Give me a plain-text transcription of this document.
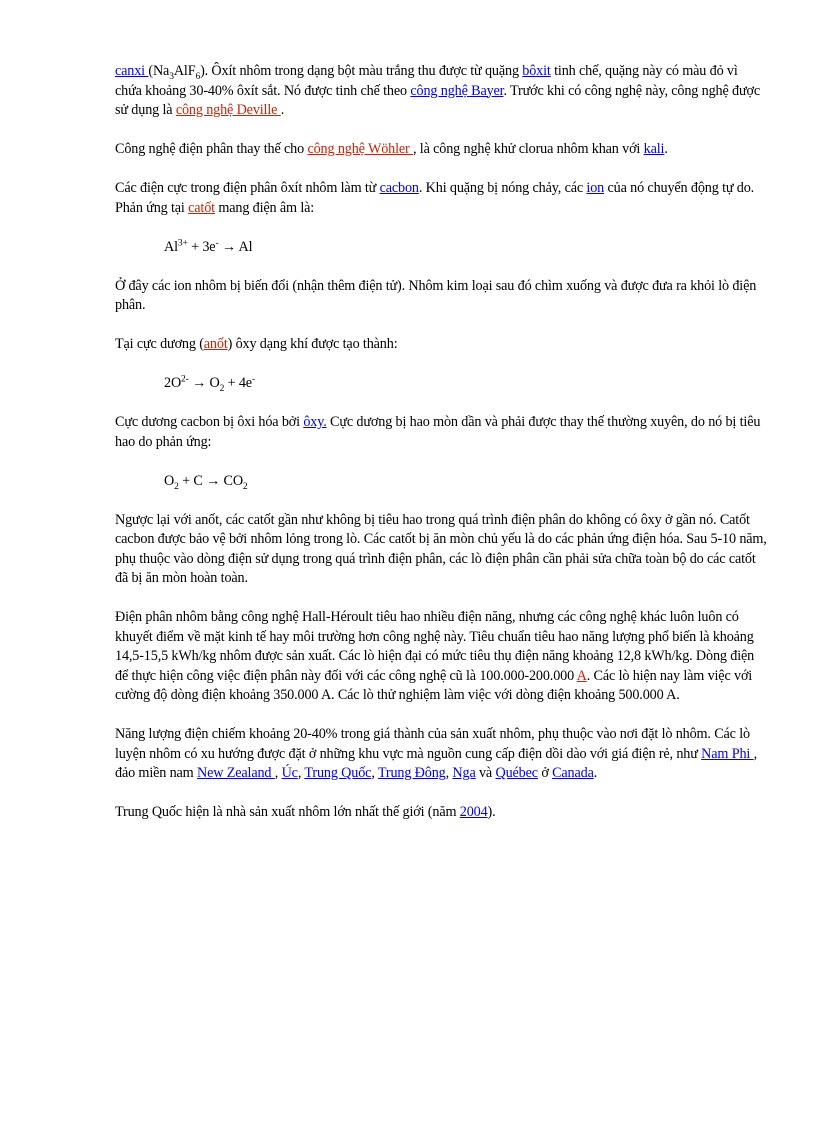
canxi $(Na_3AlF_6)$. Ôxít nhôm trong dạng bột màu trắng thu được từ quặng bôxit tinh chế, quặng này có màu đỏ vì chứa khoảng 30-40% ôxít sắt. Nó được tinh chế theo công nghệ Bayer. Trước khi có công nghệ này, công nghệ được sử dụng là công nghệ Deville .

Công nghệ điện phân thay thế cho công nghệ Wöhler , là công nghệ khử clorua nhôm khan với kali.

Các điện cực trong điện phân ôxít nhôm làm từ cacbon. Khi quặng bị nóng chảy, các ion của nó chuyển động tự do. Phản ứng tại catốt mang điện âm là:

$Al^{3+} + 3e^- \to Al$

Ở đây các ion nhôm bị biến đổi (nhận thêm điện tử). Nhôm kim loại sau đó chìm xuống và được đưa ra khỏi lò điện phân.

Tại cực dương (anốt) ôxy dạng khí được tạo thành:

$2O^{2-} \to O_2 + 4e^-$

Cực dương cacbon bị ôxi hóa bởi ôxy. Cực dương bị hao mòn dần và phải được thay thế thường xuyên, do nó bị tiêu hao do phản ứng:

$O_2 + C \to CO_2$

Ngược lại với anốt, các catốt gần như không bị tiêu hao trong quá trình điện phân do không có ôxy ở gần nó. Catốt cacbon được bảo vệ bởi nhôm lỏng trong lò. Các catốt bị ăn mòn chủ yếu là do các phản ứng điện hóa. Sau 5-10 năm, phụ thuộc vào dòng điện sử dụng trong quá trình điện phân, các lò điện phân cần phải sửa chữa toàn bộ do các catốt đã bị ăn mòn hoàn toàn.

Điện phân nhôm bằng công nghệ Hall-Héroult tiêu hao nhiều điện năng, nhưng các công nghệ khác luôn luôn có khuyết điểm về mặt kinh tế hay môi trường hơn công nghệ này. Tiêu chuẩn tiêu hao năng lượng phổ biến là khoảng 14,5-15,5 kWh/kg nhôm được sản xuất. Các lò hiện đại có mức tiêu thụ điện năng khoảng 12,8 kWh/kg. Dòng điện để thực hiện công việc điện phân này đối với các công nghệ cũ là 100.000-200.000 A. Các lò hiện nay làm việc với cường độ dòng điện khoảng 350.000 A. Các lò thử nghiệm làm việc với dòng điện khoảng 500.000 A.

Năng lượng điện chiếm khoảng 20-40% trong giá thành của sản xuất nhôm, phụ thuộc vào nơi đặt lò nhôm. Các lò luyện nhôm có xu hướng được đặt ở những khu vực mà nguồn cung cấp điện dồi dào với giá điện rẻ, như Nam Phi , đảo miền nam New Zealand , Úc, Trung Quốc, Trung Đông, Nga và Québec ở Canada.

Trung Quốc hiện là nhà sản xuất nhôm lớn nhất thế giới (năm 2004).
